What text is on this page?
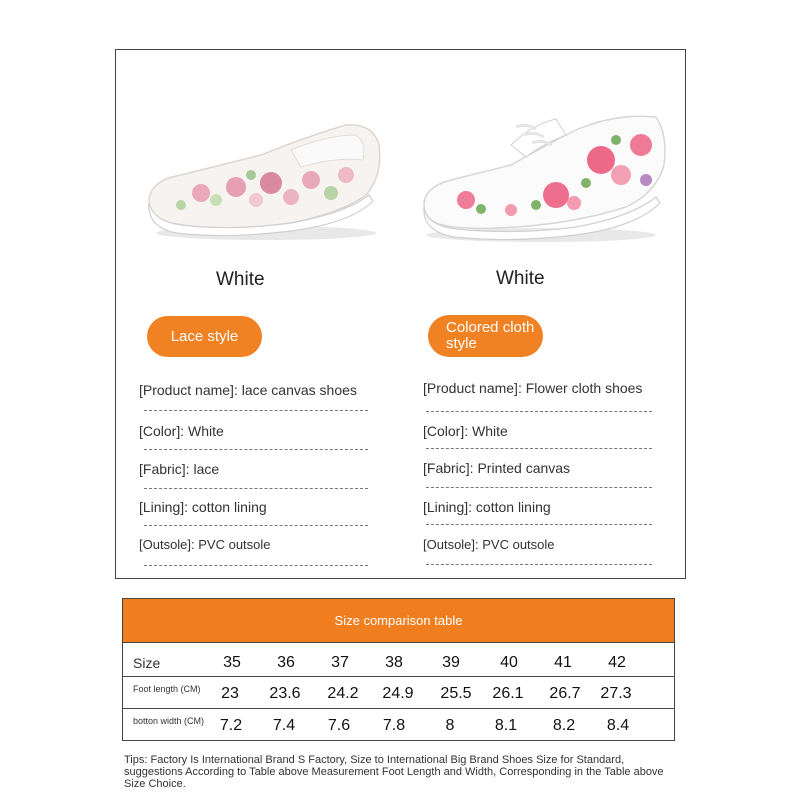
White
Lace style
[Product name]: lace canvas shoes
[Color]: White
[Fabric]: lace
[Lining]: cotton lining
[Outsole]: PVC outsole
White
Colored cloth style
[Product name]: Flower cloth shoes
[Color]: White
[Fabric]: Printed canvas
[Lining]: cotton lining
[Outsole]: PVC outsole
Size comparison table
Size	35	36	37	38	39	40	41	42
Foot length (CM)	23	23.6	24.2	24.9	25.5	26.1	26.7	27.3
botton width (CM) 7.2	7.4	7.6	7.8	8	8.1	8.2	8.4
Tips: Factory Is International Brand S Factory, Size to International Big Brand Shoes Size for Standard, suggestions According to Table above Measurement Foot Length and Width, Corresponding in the Table above Size Choice.
